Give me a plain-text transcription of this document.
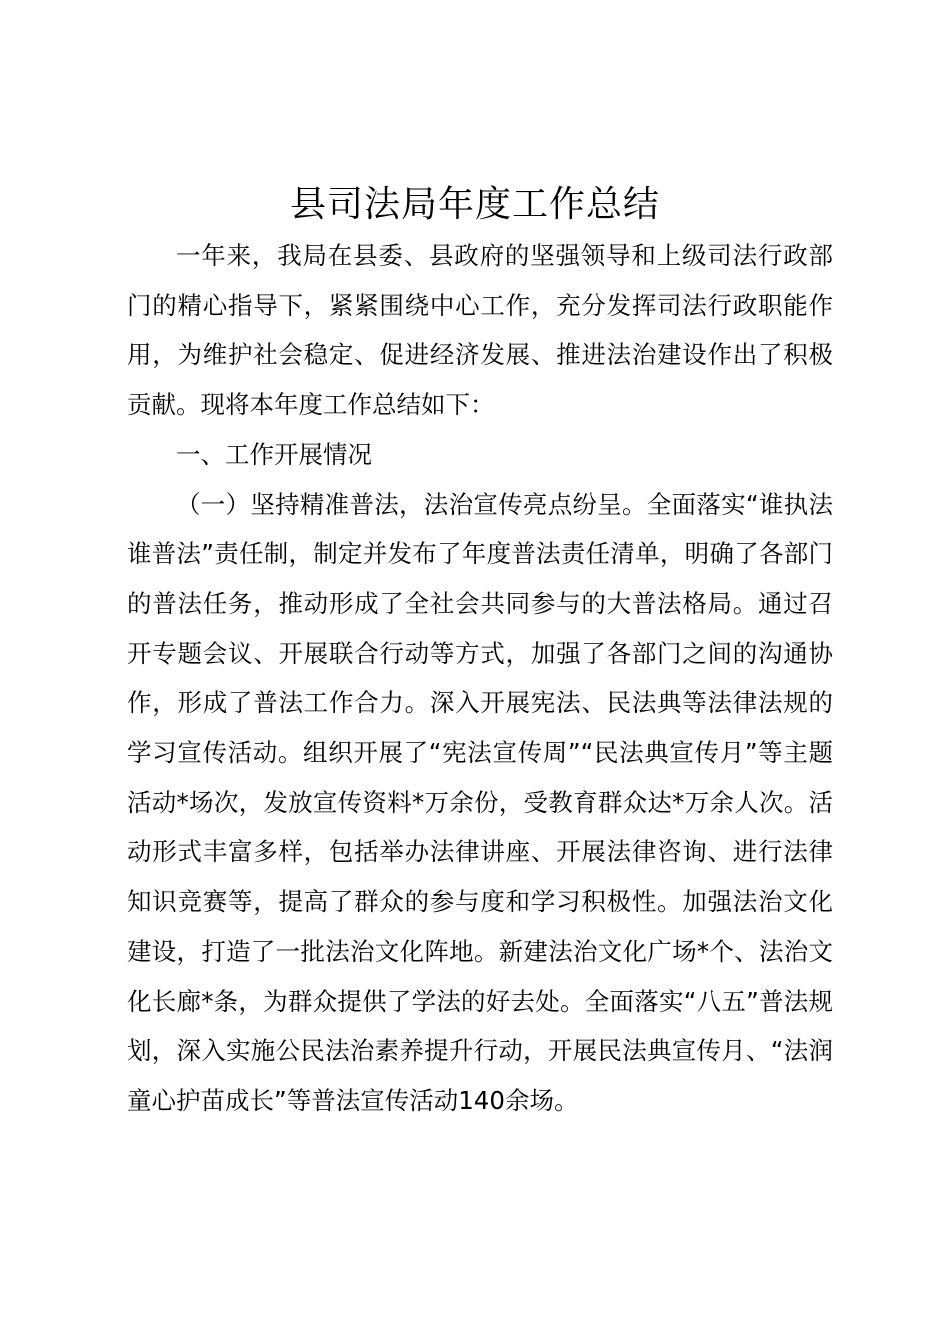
县司法局年度工作总结

一年来，我局在县委、县政府的坚强领导和上级司法行政部门的精心指导下，紧紧围绕中心工作，充分发挥司法行政职能作用，为维护社会稳定、促进经济发展、推进法治建设作出了积极贡献。现将本年度工作总结如下：

一、工作开展情况

（一）坚持精准普法，法治宣传亮点纷呈。全面落实“谁执法谁普法”责任制，制定并发布了年度普法责任清单，明确了各部门的普法任务，推动形成了全社会共同参与的大普法格局。通过召开专题会议、开展联合行动等方式，加强了各部门之间的沟通协作，形成了普法工作合力。深入开展宪法、民法典等法律法规的学习宣传活动。组织开展了“宪法宣传周”“民法典宣传月”等主题活动*场次，发放宣传资料*万余份，受教育群众达*万余人次。活动形式丰富多样，包括举办法律讲座、开展法律咨询、进行法律知识竞赛等，提高了群众的参与度和学习积极性。加强法治文化建设，打造了一批法治文化阵地。新建法治文化广场*个、法治文化长廊*条，为群众提供了学法的好去处。全面落实“八五”普法规划，深入实施公民法治素养提升行动，开展民法典宣传月、“法润童心护苗成长”等普法宣传活动140余场。
